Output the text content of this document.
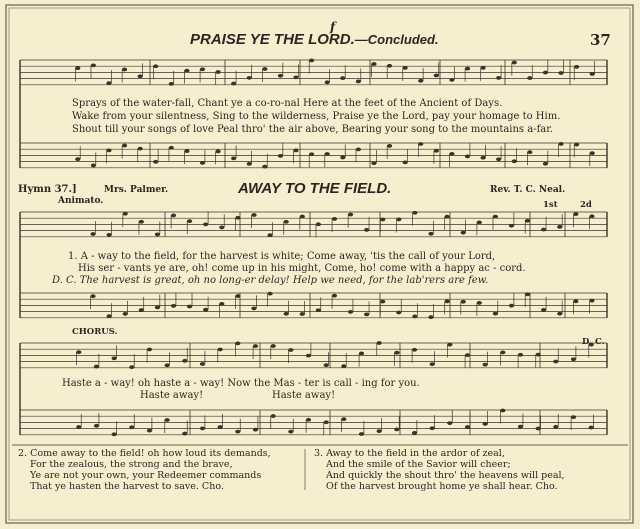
PRAISE YE THE LORD.—Concluded.	37
f
Sprays of the water-fall, Chant ye a co-ro-nal Here at the feet of the Ancient of Days.
Wake from your silentness, Sing to the wilderness, Praise ye the Lord, pay your homage to Him.
Shout till your songs of love Peal thro' the air above, Bearing your song to the mountains a-far.
Hymn 37.]	Mrs. Palmer.	AWAY TO THE FIELD.	Rev. T. C. Neal.
Animato.	1st	2d
1. A - way to the field, for the harvest is white; Come away, 'tis the call of your Lord,
His ser - vants ye are, oh! come up in his might, Come, ho! come with a happy ac - cord.
D. C. The harvest is great, oh no long-er delay! Help we need, for the lab'rers are few.
CHORUS.
D. C.
Haste a - way! oh haste a - way! Now the Mas - ter is call - ing for you.
Haste away!	Haste away!
2. Come away to the field! oh how loud its demands,
For the zealous, the strong and the brave,
Ye are not your own, your Redeemer commands
That ye hasten the harvest to save. Cho.
3. Away to the field in the ardor of zeal,
And the smile of the Savior will cheer;
And quickly the shout thro' the heavens will peal,
Of the harvest brought home ye shall hear. Cho.
